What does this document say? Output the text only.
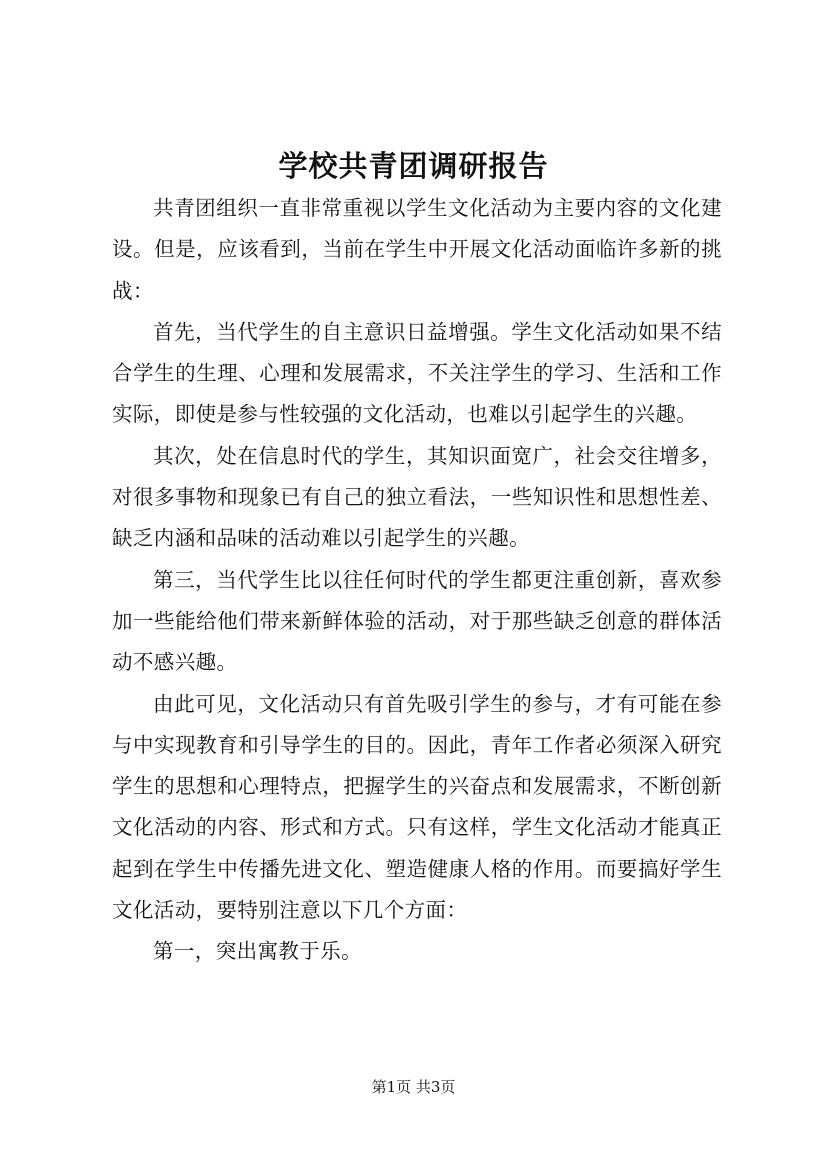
学校共青团调研报告

共青团组织一直非常重视以学生文化活动为主要内容的文化建设。但是，应该看到，当前在学生中开展文化活动面临许多新的挑战：

首先，当代学生的自主意识日益增强。学生文化活动如果不结合学生的生理、心理和发展需求，不关注学生的学习、生活和工作实际，即使是参与性较强的文化活动，也难以引起学生的兴趣。

其次，处在信息时代的学生，其知识面宽广，社会交往增多，对很多事物和现象已有自己的独立看法，一些知识性和思想性差、缺乏内涵和品味的活动难以引起学生的兴趣。

第三，当代学生比以往任何时代的学生都更注重创新，喜欢参加一些能给他们带来新鲜体验的活动，对于那些缺乏创意的群体活动不感兴趣。

由此可见，文化活动只有首先吸引学生的参与，才有可能在参与中实现教育和引导学生的目的。因此，青年工作者必须深入研究学生的思想和心理特点，把握学生的兴奋点和发展需求，不断创新文化活动的内容、形式和方式。只有这样，学生文化活动才能真正起到在学生中传播先进文化、塑造健康人格的作用。而要搞好学生文化活动，要特别注意以下几个方面：

第一，突出寓教于乐。

第1页 共3页
